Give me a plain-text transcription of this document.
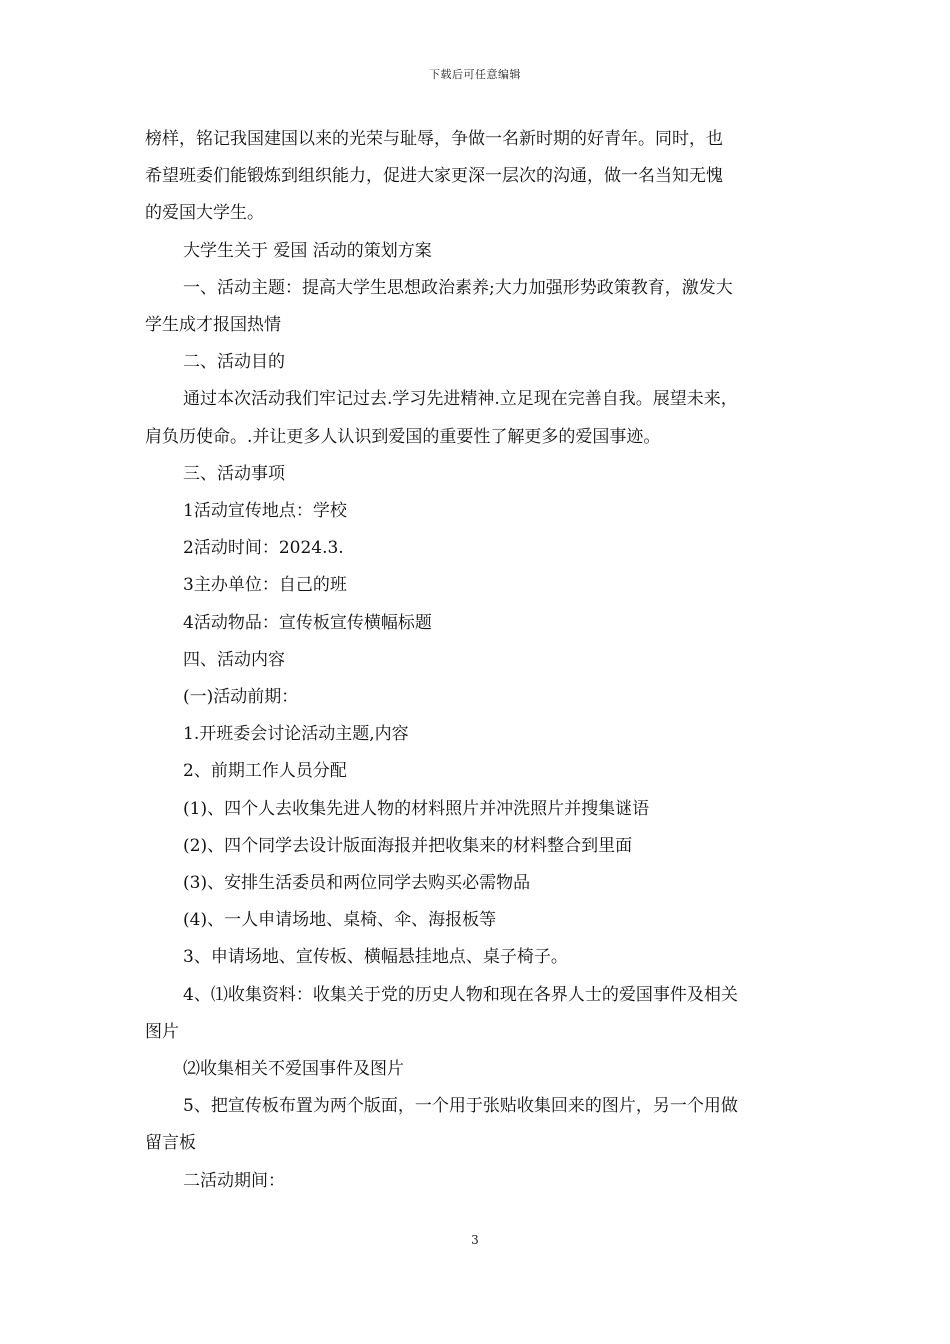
下载后可任意编辑

榜样，铭记我国建国以来的光荣与耻辱，争做一名新时期的好青年。同时，也

希望班委们能锻炼到组织能力，促进大家更深一层次的沟通，做一名当知无愧

的爱国大学生。

大学生关于 爱国 活动的策划方案

一、活动主题：提高大学生思想政治素养;大力加强形势政策教育，激发大

学生成才报国热情

二、活动目的

通过本次活动我们牢记过去.学习先进精神.立足现在完善自我。展望未来，

肩负历使命。.并让更多人认识到爱国的重要性了解更多的爱国事迹。

三、活动事项

1活动宣传地点：学校

2活动时间：2024.3.

3主办单位：自己的班

4活动物品：宣传板宣传横幅标题

四、活动内容

(一)活动前期：

1.开班委会讨论活动主题,内容

2、前期工作人员分配

(1)、四个人去收集先进人物的材料照片并冲洗照片并搜集谜语

(2)、四个同学去设计版面海报并把收集来的材料整合到里面

(3)、安排生活委员和两位同学去购买必需物品

(4)、一人申请场地、桌椅、伞、海报板等

3、申请场地、宣传板、横幅悬挂地点、桌子椅子。

4、⑴收集资料：收集关于党的历史人物和现在各界人士的爱国事件及相关

图片

⑵收集相关不爱国事件及图片

5、把宣传板布置为两个版面，一个用于张贴收集回来的图片，另一个用做

留言板

二活动期间：

3
